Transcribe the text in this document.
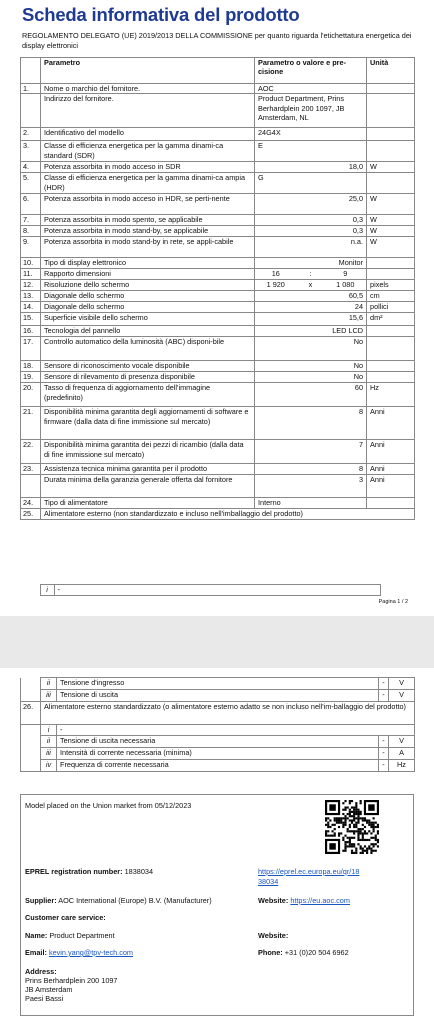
Scheda informativa del prodotto
REGOLAMENTO DELEGATO (UE) 2019/2013 DELLA COMMISSIONE per quanto riguarda l'etichettatura energetica dei display elettronici
	Parametro	Parametro o valore e pre-cisione			Unità
1.	Nome o marchio del fornitore.	AOC			
	Indirizzo del fornitore.	Product Department, Prins Berhardplein 200 1097, JB Amsterdam, NL			
2.	Identificativo del modello	24G4X			
3.	Classe di efficienza energetica per la gamma dinami-ca standard (SDR)	E			
4.	Potenza assorbita in modo acceso in SDR	18,0			W
5.	Classe di efficienza energetica per la gamma dinami-ca ampia (HDR)	G			
6.	Potenza assorbita in modo acceso in HDR, se perti-nente	25,0			W
7.	Potenza assorbita in modo spento, se applicabile	0,3			W
8.	Potenza assorbita in modo stand-by, se applicabile	0,3			W
9.	Potenza assorbita in modo stand-by in rete, se appli-cabile	n.a.			W
10.	Tipo di display elettronico	Monitor			
11.	Rapporto dimensioni	16	:	9	
12.	Risoluzione dello schermo	1 920	x	1 080	pixels
13.	Diagonale dello schermo	60,5			cm
14.	Diagonale dello schermo	24			pollici
15.	Superficie visibile dello schermo	15,6			dm²
16.	Tecnologia del pannello	LED LCD			
17.	Controllo automatico della luminosità (ABC) disponi-bile	No			
18.	Sensore di riconoscimento vocale disponibile	No			
19.	Sensore di rilevamento di presenza disponibile	No			
20.	Tasso di frequenza di aggiornamento dell'immagine (predefinito)	60			Hz
21.	Disponibilità minima garantita degli aggiornamenti di software e firmware (dalla data di fine immissione sul mercato)	8			Anni
22.	Disponibilità minima garantita dei pezzi di ricambio (dalla data di fine immissione sul mercato)	7			Anni
23.	Assistenza tecnica minima garantita per il prodotto	8			Anni
	Durata minima della garanzia generale offerta dal fornitore	3			Anni
24.	Tipo di alimentatore	Interno			
25.	Alimentatore esterno (non standardizzato e incluso nell'imballaggio del prodotto)				
	i	-		
Pagina 1 / 2
	ii	Tensione d'ingresso	-	V
	iii	Tensione di uscita	-	V
26.	Alimentatore esterno standardizzato (o alimentatore esterno adatto se non incluso nell'im-ballaggio del prodotto)			
	i	-		
	ii	Tensione di uscita necessaria	-	V
	iii	Intensità di corrente necessaria (minima)	-	A
	iv	Frequenza di corrente necessaria	-	Hz
Model placed on the Union market from 05/12/2023
EPREL registration number: 1838034	https://eprel.ec.europa.eu/qr/18
38034
Supplier: AOC International (Europe) B.V. (Manufacturer)	Website: https://eu.aoc.com
Customer care service:
Name: Product Department	Website:
Email: kevin.yang@tpv-tech.com	Phone: +31 (0)20 504 6962
Address:
Prins Berhardplein 200 1097
JB Amsterdam
Paesi Bassi
